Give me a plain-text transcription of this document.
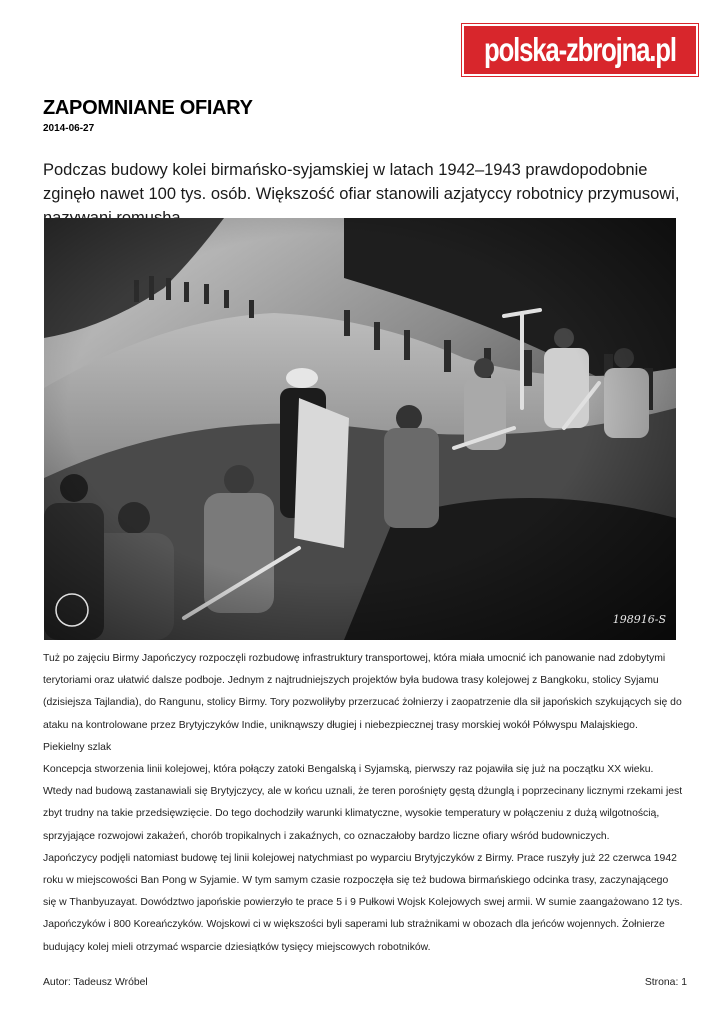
polska-zbrojna.pl
ZAPOMNIANE OFIARY
2014-06-27

Podczas budowy kolei birmańsko-syjamskiej w latach 1942–1943 prawdopodobnie zginęło nawet 100 tys. osób. Większość ofiar stanowili azjatyccy robotnicy przymusowi,

198916-S

Tuż po zajęciu Birmy Japończycy rozpoczęli rozbudowę infrastruktury transportowej, która miała umocnić ich panowanie nad zdobytymi terytoriami oraz ułatwić dalsze podboje. Jednym z najtrudniejszych projektów była budowa trasy kolejowej z Bangkoku, stolicy Syjamu (dzisiejsza Tajlandia), do Rangunu, stolicy Birmy. Tory pozwoliłyby przerzucać żołnierzy i zaopatrzenie dla sił japońskich szykujących się do ataku na kontrolowane przez Brytyjczyków Indie, uniknąwszy długiej i niebezpiecznej trasy morskiej wokół Półwyspu Malajskiego.

Piekielny szlak

Koncepcja stworzenia linii kolejowej, która połączy zatoki Bengalską i Syjamską, pierwszy raz pojawiła się już na początku XX wieku. Wtedy nad budową zastanawiali się Brytyjczycy, ale w końcu uznali, że teren porośnięty gęstą dżunglą i poprzecinany licznymi rzekami jest zbyt trudny na takie przedsięwzięcie. Do tego dochodziły warunki klimatyczne, wysokie temperatury w połączeniu z dużą wilgotnością, sprzyjające rozwojowi zakażeń, chorób tropikalnych i zakaźnych, co oznaczałoby bardzo liczne ofiary wśród budowniczych.

Japończycy podjęli natomiast budowę tej linii kolejowej natychmiast po wyparciu Brytyjczyków z Birmy. Prace ruszyły już 22 czerwca 1942 roku w miejscowości Ban Pong w Syjamie. W tym samym czasie rozpoczęła się też budowa birmańskiego odcinka trasy, zaczynającego się w Thanbyuzayat. Dowództwo japońskie powierzyło te prace 5 i 9 Pułkowi Wojsk Kolejowych swej armii. W sumie zaangażowano 12 tys. Japończyków i 800 Koreańczyków. Wojskowi ci w większości byli saperami lub strażnikami w obozach dla jeńców wojennych. Żołnierze budujący kolej mieli otrzymać wsparcie dziesiątków tysięcy miejscowych robotników.

Autor: Tadeusz Wróbel	Strona: 1
